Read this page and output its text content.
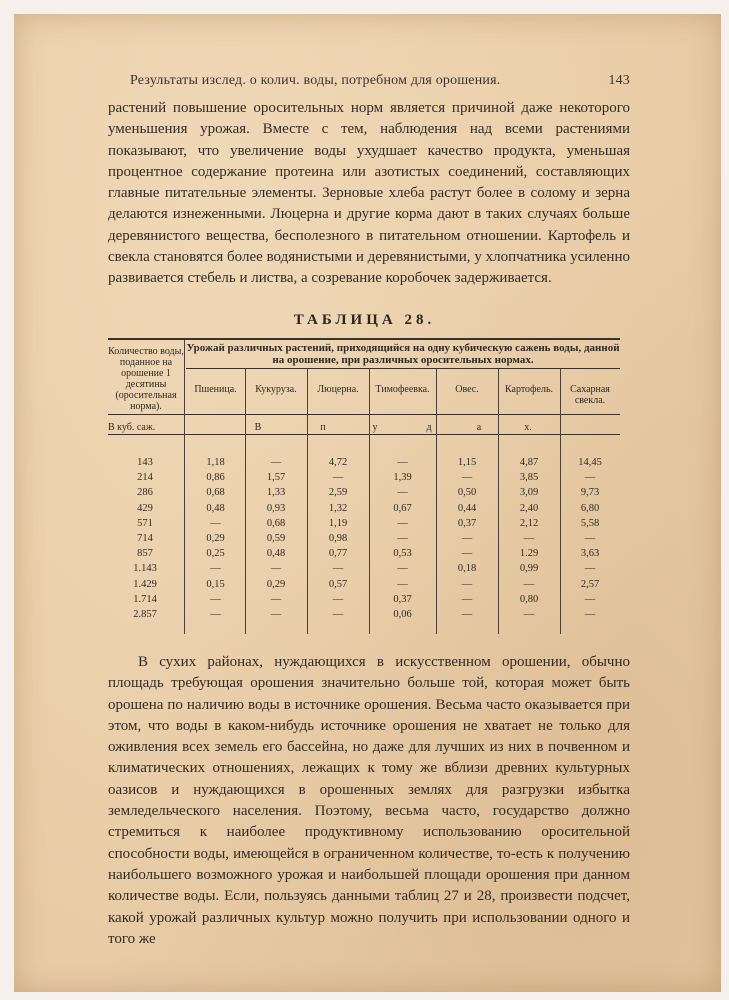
Результаты изслед. о колич. воды, потребном для орошения.	143
растений повышение оросительных норм является причиной даже некоторого уменьшения урожая. Вместе с тем, наблюдения над всеми растениями показывают, что увеличение воды ухудшает качество продукта, уменьшая процентное содержание протеина или азотистых соединений, составляющих главные питательные элементы. Зерновые хлеба растут более в солому и зерна делаются изнеженными. Люцерна и другие корма дают в таких случаях больше деревянистого вещества, бесполезного в питательном отношении. Картофель и свекла становятся более водянистыми и деревянистыми, у хлопчатника усиленно развивается стебель и листва, а созревание коробочек задерживается.
ТАБЛИЦА 28.
Количество воды, поданное на орошение 1 десятины (оросительная норма).
Урожай различных растений, приходящийся на одну кубическую сажень воды, данной на орошение, при различных оросительных нормах.
Пшеница.	Кукуруза.	Люцерна.	Тимофеевка.	Овес.	Картофель.	Сахарная свекла.
В куб. саж.	В	п	у	д	а	х.
143	1,18	—	4,72	—	1,15	4,87	14,45
214	0,86	1,57	—	1,39	—	3,85	—
286	0,68	1,33	2,59	—	0,50	3,09	9,73
429	0,48	0,93	1,32	0,67	0,44	2,40	6,80
571	—	0,68	1,19	—	0,37	2,12	5,58
714	0,29	0,59	0,98	—	—	—	—
857	0,25	0,48	0,77	0,53	—	1.29	3,63
1.143	—	—	—	—	0,18	0,99	—
1.429	0,15	0,29	0,57	—	—	—	2,57
1.714	—	—	—	0,37	—	0,80	—
2.857	—	—	—	0,06	—	—	—
В сухих районах, нуждающихся в искусственном орошении, обычно площадь требующая орошения значительно больше той, которая может быть орошена по наличию воды в источнике орошения. Весьма часто оказывается при этом, что воды в каком-нибудь источнике орошения не хватает не только для оживления всех земель его бассейна, но даже для лучших из них в почвенном и климатических отношениях, лежащих к тому же вблизи древних культурных оазисов и нуждающихся в орошенных землях для разгрузки избытка земледельческого населения. Поэтому, весьма часто, государство должно стремиться к наиболее продуктивному использованию оросительной способности воды, имеющейся в ограниченном количестве, то-есть к получению наибольшего возможного урожая и наибольшей площади орошения при данном количестве воды. Если, пользуясь данными таблиц 27 и 28, произвести подсчет, какой урожай различных культур можно получить при использовании одного и того же
